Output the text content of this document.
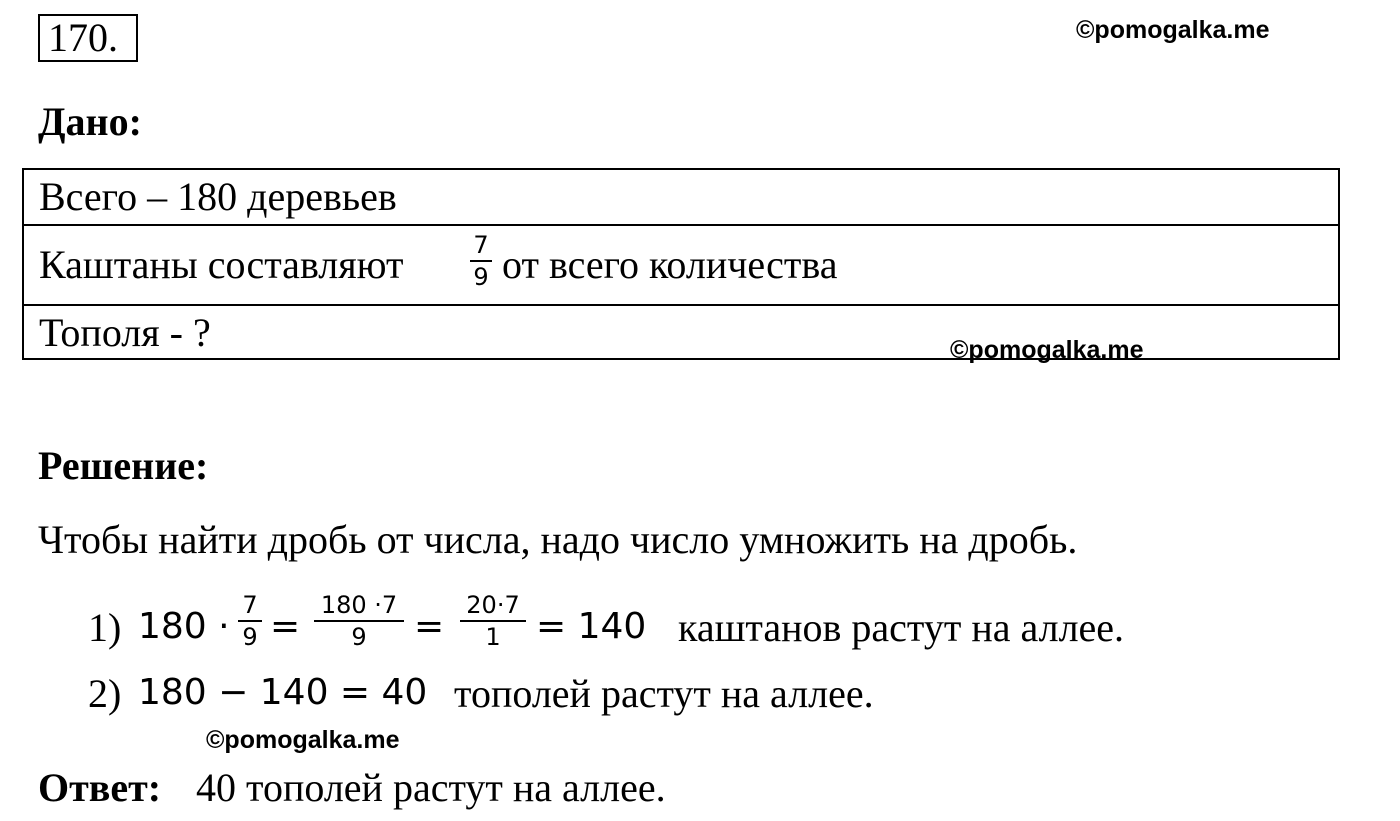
170.	©pomogalka.me
Дано:
Всего – 180 деревьев
Каштаны составляют	7
9 от всего количества
Тополя - ?	©pomogalka.me
Решение:
Чтобы найти дробь от числа, надо число умножить на дробь.
1) 180 ·
7
9 =
180 ·7
9	=
20·7
1 = 140 каштанов растут на аллее.
2) 180 − 140 = 40 тополей растут на аллее.
©pomogalka.me
Ответ: 40 тополей растут на аллее.
